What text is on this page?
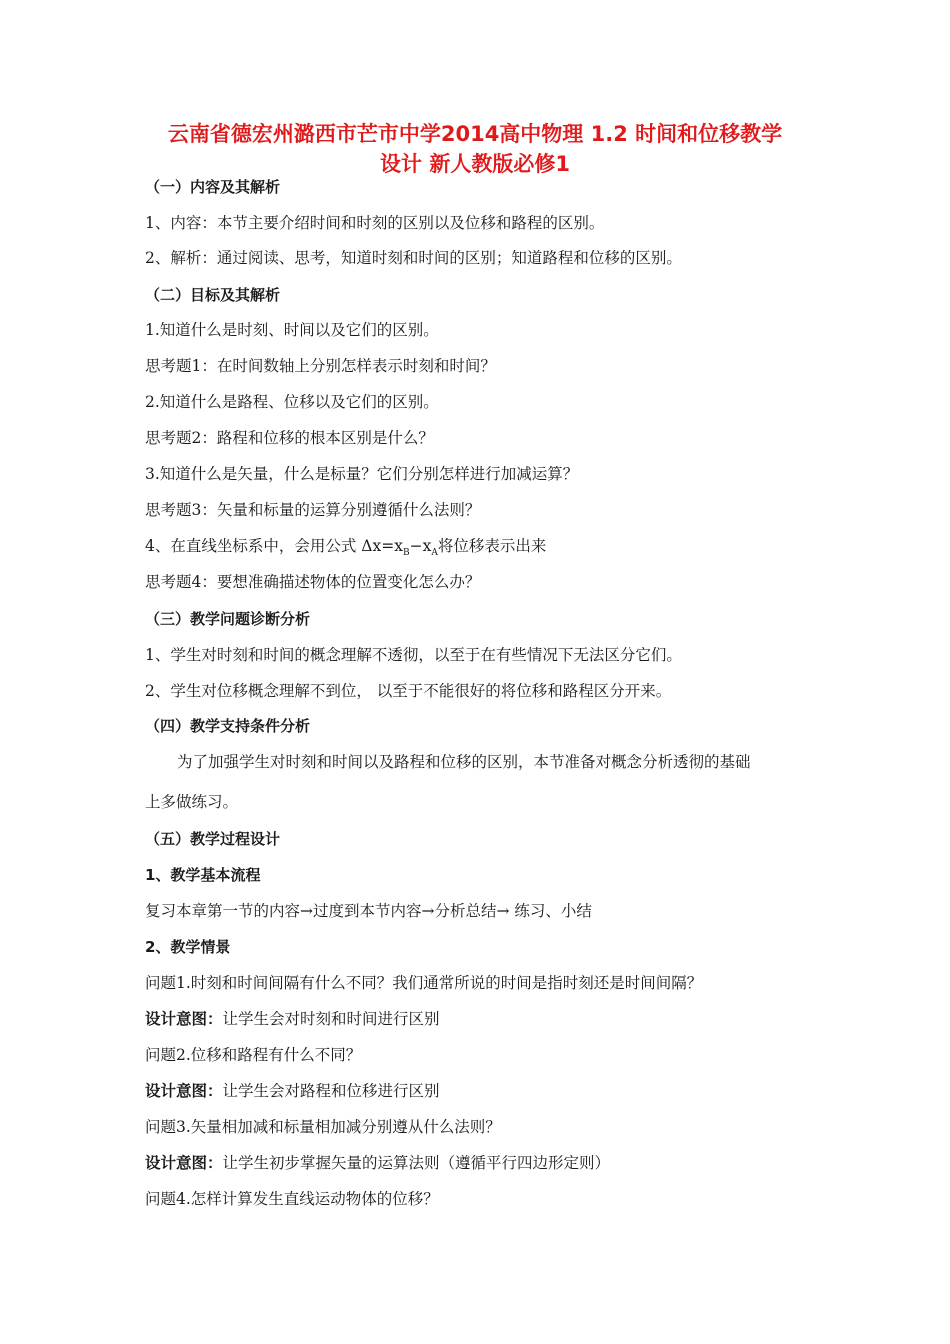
云南省德宏州潞西市芒市中学2014高中物理 1.2 时间和位移教学
设计 新人教版必修1
（一）内容及其解析
1、内容：本节主要介绍时间和时刻的区别以及位移和路程的区别。
2、解析：通过阅读、思考，知道时刻和时间的区别；知道路程和位移的区别。
（二）目标及其解析
1.知道什么是时刻、时间以及它们的区别。
思考题1：在时间数轴上分别怎样表示时刻和时间？
2.知道什么是路程、位移以及它们的区别。
思考题2：路程和位移的根本区别是什么？
3.知道什么是矢量，什么是标量？它们分别怎样进行加减运算？
思考题3：矢量和标量的运算分别遵循什么法则？
4、在直线坐标系中，会用公式 $\Delta x=x_B-x_A$将位移表示出来
思考题4：要想准确描述物体的位置变化怎么办？
（三）教学问题诊断分析
1、学生对时刻和时间的概念理解不透彻，以至于在有些情况下无法区分它们。
2、学生对位移概念理解不到位， 以至于不能很好的将位移和路程区分开来。
（四）教学支持条件分析
为了加强学生对时刻和时间以及路程和位移的区别，本节准备对概念分析透彻的基础
上多做练习。
（五）教学过程设计
1、教学基本流程
复习本章第一节的内容→过度到本节内容→分析总结→ 练习、小结
2、教学情景
问题1.时刻和时间间隔有什么不同？我们通常所说的时间是指时刻还是时间间隔？
设计意图：让学生会对时刻和时间进行区别
问题2.位移和路程有什么不同？
设计意图：让学生会对路程和位移进行区别
问题3.矢量相加减和标量相加减分别遵从什么法则？
设计意图：让学生初步掌握矢量的运算法则（遵循平行四边形定则）
问题4.怎样计算发生直线运动物体的位移？
